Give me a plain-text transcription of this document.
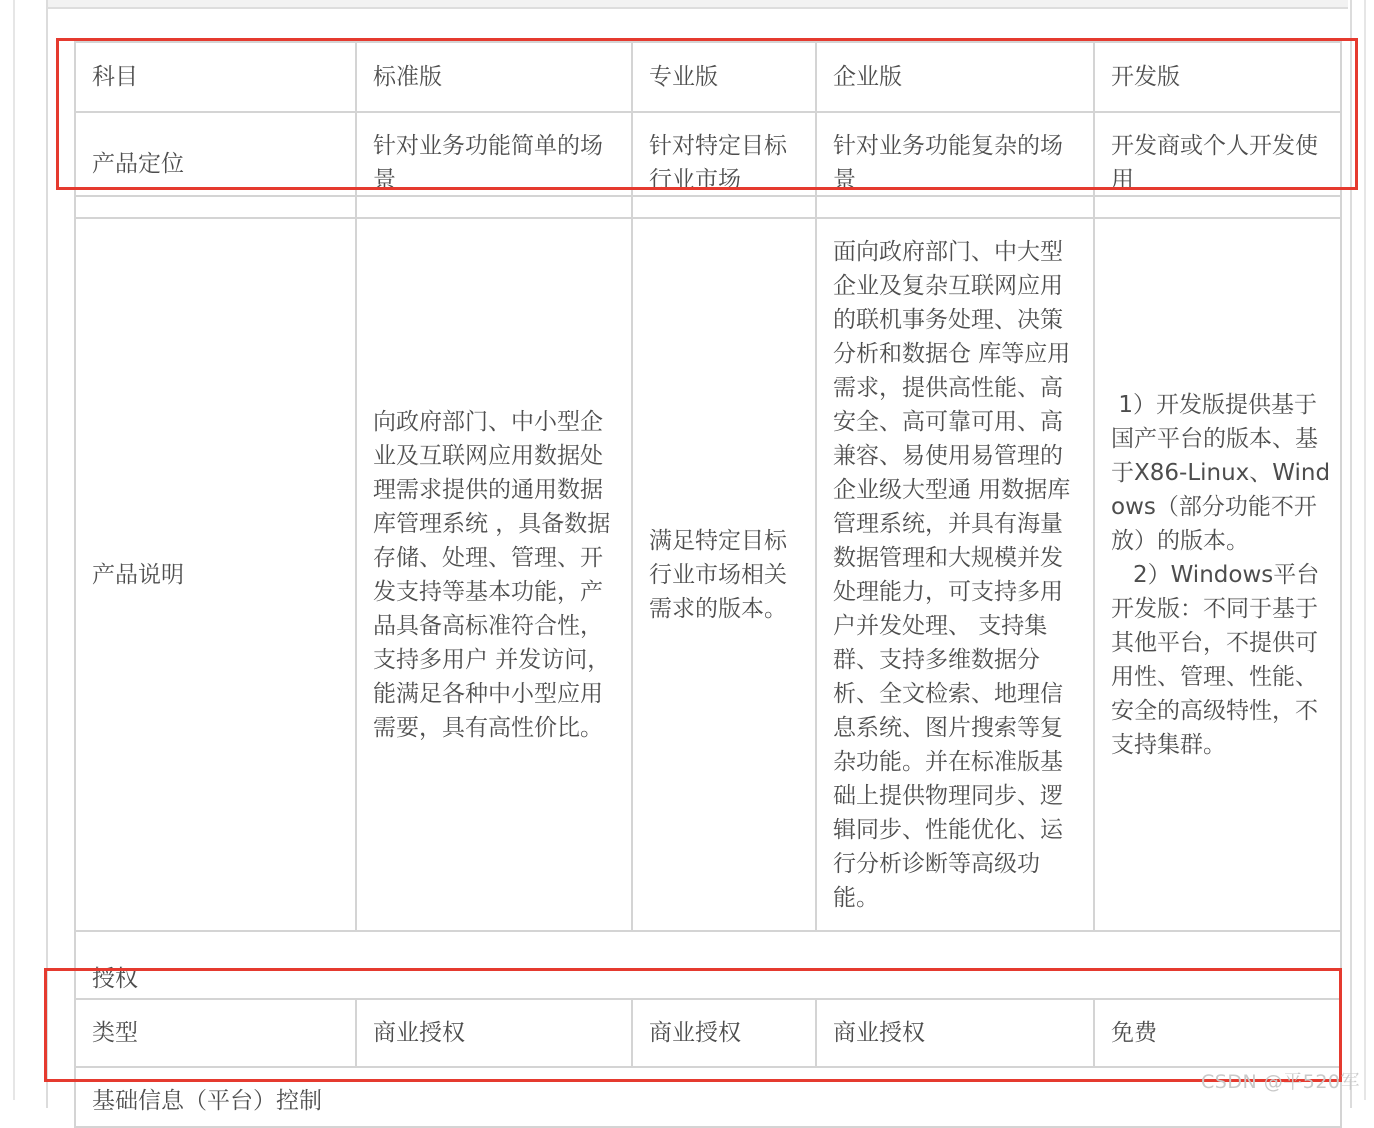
科目	标准版	专业版	企业版	开发版

产品定位	针对业务功能简单的场景	针对特定目标行业市场	针对业务功能复杂的场景	开发商或个人开发使用

产品说明	向政府部门、中小型企业及互联网应用数据处理需求提供的通用数据库管理系统 ，具备数据存储、处理、管理、开发支持等基本功能，产品具备高标准符合性，支持多用户 并发访问，能满足各种中小型应用需要，具有高性价比。	满足特定目标行业市场相关需求的版本。	面向政府部门、中大型企业及复杂互联网应用的联机事务处理、决策分析和数据仓 库等应用需求，提供高性能、高安全、高可靠可用、高兼容、易使用易管理的企业级大型通 用数据库管理系统，并具有海量数据管理和大规模并发处理能力，可支持多用户并发处理、 支持集群、支持多维数据分析、全文检索、地理信息系统、图片搜索等复杂功能。并在标准版基础上提供物理同步、逻辑同步、性能优化、运行分析诊断等高级功能。	1）开发版提供基于国产平台的版本、基于X86-Linux、Windows（部分功能不开放）的版本。
2）Windows平台开发版：不同于基于其他平台，不提供可用性、管理、性能、安全的高级特性，不支持集群。

授权				

类型	商业授权	商业授权	商业授权	免费

基础信息（平台）控制				
CSDN @平520军
